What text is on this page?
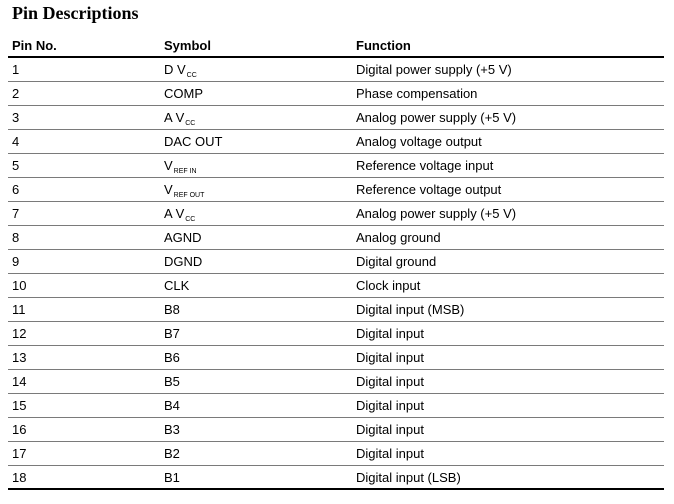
Pin Descriptions
Pin No.	Symbol	Function
1	D $V_{CC}$	Digital power supply (+5 V)
2	COMP	Phase compensation
3	A $V_{CC}$	Analog power supply (+5 V)
4	DAC OUT	Analog voltage output
5	$V_{REF IN}$	Reference voltage input
6	$V_{REF OUT}$	Reference voltage output
7	A $V_{CC}$	Analog power supply (+5 V)
8	AGND	Analog ground
9	DGND	Digital ground
10	CLK	Clock input
11	B8	Digital input (MSB)
12	B7	Digital input
13	B6	Digital input
14	B5	Digital input
15	B4	Digital input
16	B3	Digital input
17	B2	Digital input
18	B1	Digital input (LSB)
